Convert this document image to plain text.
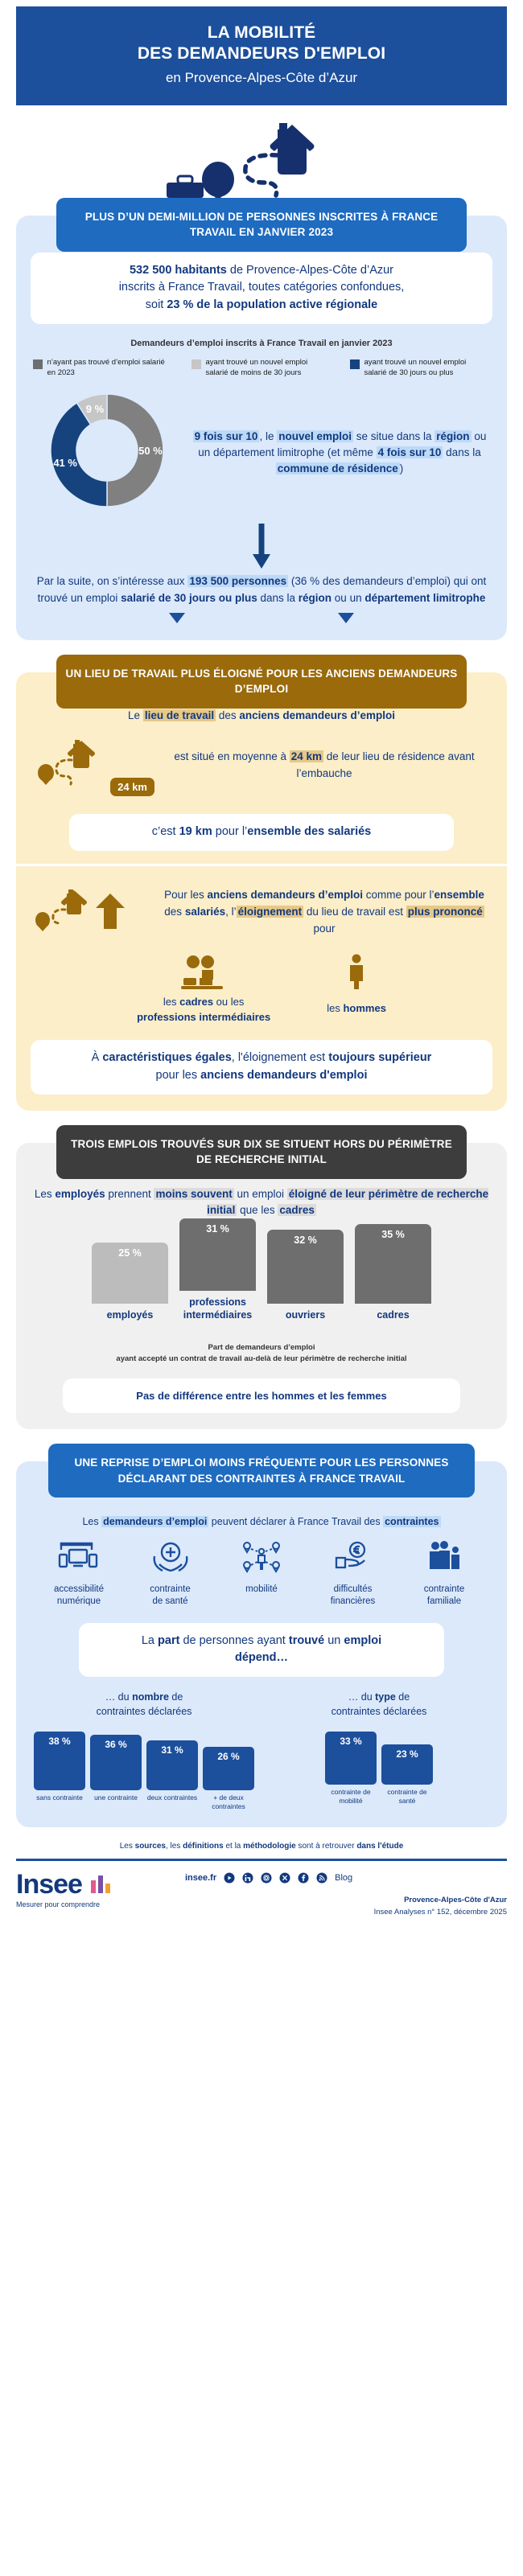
LA MOBILITÉ
DES DEMANDEURS D'EMPLOI
en Provence-Alpes-Côte d’Azur
PLUS D’UN DEMI-MILLION DE PERSONNES INSCRITES À FRANCE TRAVAIL EN JANVIER 2023
532 500 habitants de Provence-Alpes-Côte d’Azur
inscrits à France Travail, toutes catégories confondues,
soit 23 % de la population active régionale
Demandeurs d’emploi inscrits à France Travail en janvier 2023
n’ayant pas trouvé d’emploi salarié en 2023
ayant trouvé un nouvel emploi salarié de moins de 30 jours
ayant trouvé un nouvel emploi salarié de 30 jours ou plus
50 %
41 %
9 %
9 fois sur 10 , le nouvel emploi se situe dans la région ou un département limitrophe (et même 4 fois sur 10 dans la commune de résidence )
Par la suite, on s’intéresse aux 193 500 personnes (36 % des demandeurs d’emploi) qui ont trouvé un emploi salarié de 30 jours ou plus dans la région ou un département limitrophe
UN LIEU DE TRAVAIL PLUS ÉLOIGNÉ POUR LES ANCIENS DEMANDEURS D’EMPLOI
Le lieu de travail des anciens demandeurs d’emploi
24 km
est situé en moyenne à 24 km de leur lieu de résidence avant l’embauche
c’est 19 km pour l’ensemble des salariés
Pour les anciens demandeurs d’emploi comme pour l’ensemble des salariés, l’ éloignement du lieu de travail est plus prononcé pour
les cadres ou les
professions intermédiaires
les hommes
À caractéristiques égales, l'éloignement est toujours supérieur
pour les anciens demandeurs d'emploi
TROIS EMPLOIS TROUVÉS SUR DIX SE SITUENT HORS DU PÉRIMÈTRE DE RECHERCHE INITIAL
Les employés prennent moins souvent un emploi éloigné de leur périmètre de recherche initial que les cadres
25 %
employés
31 %
professions intermédiaires
32 %
ouvriers
35 %
cadres
Part de demandeurs d’emploi
ayant accepté un contrat de travail au-delà de leur périmètre de recherche initial
Pas de différence entre les hommes et les femmes
UNE REPRISE D’EMPLOI MOINS FRÉQUENTE POUR LES PERSONNES DÉCLARANT DES CONTRAINTES À FRANCE TRAVAIL
Les demandeurs d’emploi peuvent déclarer à France Travail des contraintes
accessibilité
numérique
contrainte
de santé
mobilité	difficultés
financières
contrainte
familiale
La part de personnes ayant trouvé un emploi
dépend…
… du nombre de
contraintes déclarées
… du type de
contraintes déclarées
38 %	36 %
31 %
26 %
sans contrainte	une contrainte	deux contraintes	+ de deux contraintes
33 %
23 %
contrainte de mobilité
contrainte de santé
Les sources, les définitions et la méthodologie sont à retrouver dans l'étude
Insee
Mesurer pour comprendre
insee.fr	Blog
Provence-Alpes-Côte d'Azur
Insee Analyses n° 152, décembre 2025
